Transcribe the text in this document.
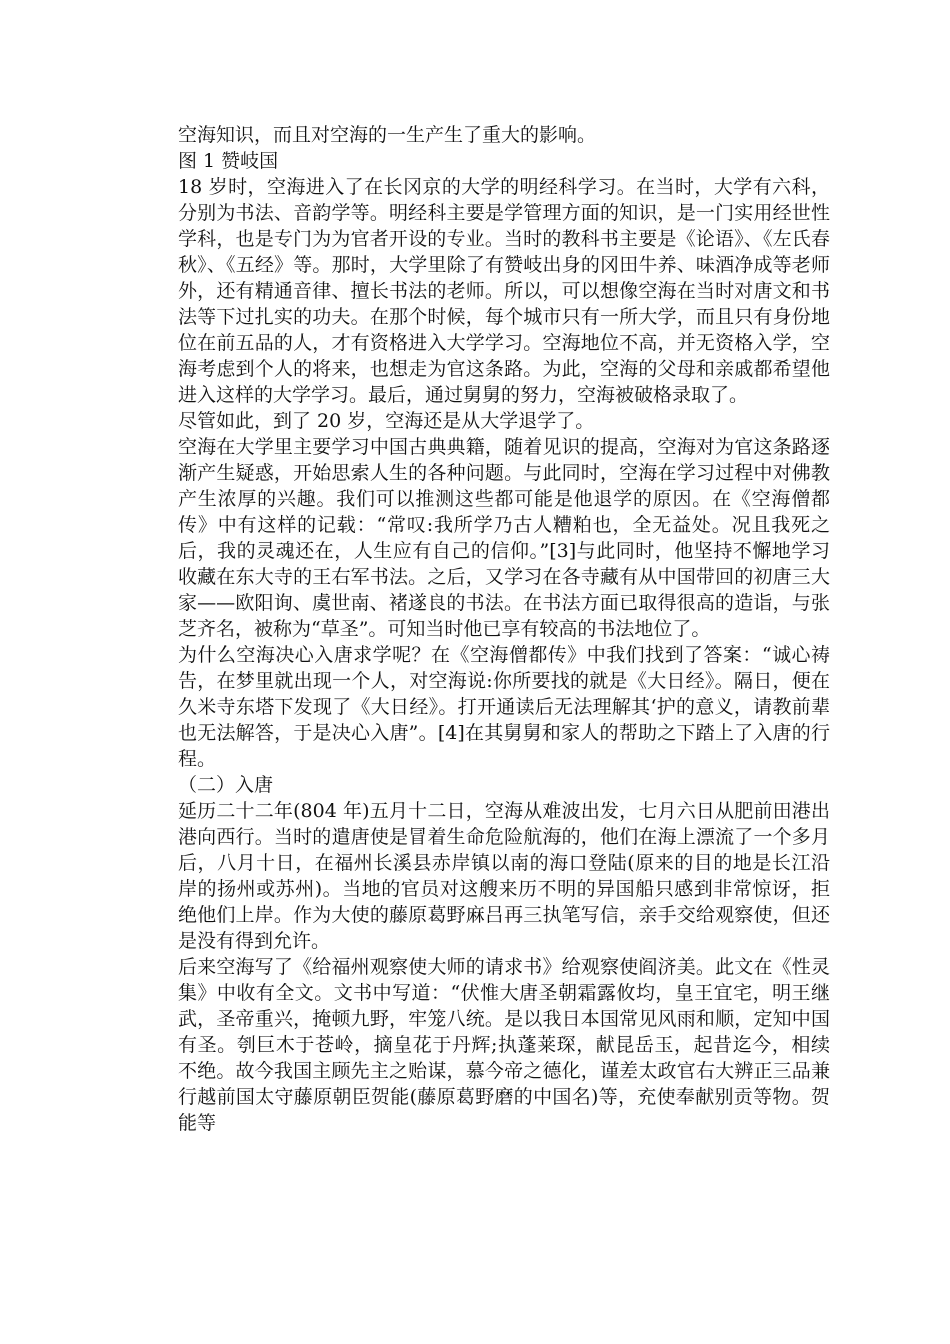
空海知识，而且对空海的一生产生了重大的影响。

图 1 赞岐国

18 岁时，空海进入了在长冈京的大学的明经科学习。在当时，大学有六科，分别为书法、音韵学等。明经科主要是学管理方面的知识，是一门实用经世性学科，也是专门为为官者开设的专业。当时的教科书主要是《论语》、《左氏春秋》、《五经》等。那时，大学里除了有赞岐出身的冈田牛养、味酒净成等老师外，还有精通音律、擅长书法的老师。所以，可以想像空海在当时对唐文和书法等下过扎实的功夫。在那个时候，每个城市只有一所大学，而且只有身份地位在前五品的人，才有资格进入大学学习。空海地位不高，并无资格入学，空海考虑到个人的将来，也想走为官这条路。为此，空海的父母和亲戚都希望他进入这样的大学学习。最后，通过舅舅的努力，空海被破格录取了。

尽管如此，到了 20 岁，空海还是从大学退学了。

空海在大学里主要学习中国古典典籍，随着见识的提高，空海对为官这条路逐渐产生疑惑，开始思索人生的各种问题。与此同时，空海在学习过程中对佛教产生浓厚的兴趣。我们可以推测这些都可能是他退学的原因。在《空海僧都传》中有这样的记载：“常叹:我所学乃古人糟粕也，全无益处。况且我死之后，我的灵魂还在，人生应有自己的信仰。”[3]与此同时，他坚持不懈地学习收藏在东大寺的王右军书法。之后，又学习在各寺藏有从中国带回的初唐三大家——欧阳询、虞世南、褚遂良的书法。在书法方面已取得很高的造诣，与张芝齐名，被称为“草圣”。可知当时他已享有较高的书法地位了。

为什么空海决心入唐求学呢？在《空海僧都传》中我们找到了答案：“诚心祷告，在梦里就出现一个人，对空海说:你所要找的就是《大日经》。隔日，便在久米寺东塔下发现了《大日经》。打开通读后无法理解其‘护的意义，请教前辈也无法解答，于是决心入唐”。[4]在其舅舅和家人的帮助之下踏上了入唐的行程。

（二）入唐

延历二十二年(804 年)五月十二日，空海从难波出发，七月六日从肥前田港出港向西行。当时的遣唐使是冒着生命危险航海的，他们在海上漂流了一个多月后，八月十日，在福州长溪县赤岸镇以南的海口登陆(原来的目的地是长江沿岸的扬州或苏州)。当地的官员对这艘来历不明的异国船只感到非常惊讶，拒绝他们上岸。作为大使的藤原葛野麻吕再三执笔写信，亲手交给观察使，但还是没有得到允许。

后来空海写了《给福州观察使大师的请求书》给观察使阎济美。此文在《性灵集》中收有全文。文书中写道：“伏惟大唐圣朝霜露攸均，皇王宜宅，明王继武，圣帝重兴，掩顿九野，牢笼八统。是以我日本国常见风雨和顺，定知中国有圣。刳巨木于苍岭，摘皇花于丹辉;执蓬莱琛，献昆岳玉，起昔迄今，相续不绝。故今我国主顾先主之贻谋，慕今帝之德化，谨差太政官右大辨正三品兼行越前国太守藤原朝臣贺能(藤原葛野磨的中国名)等，充使奉献别贡等物。贺能等
